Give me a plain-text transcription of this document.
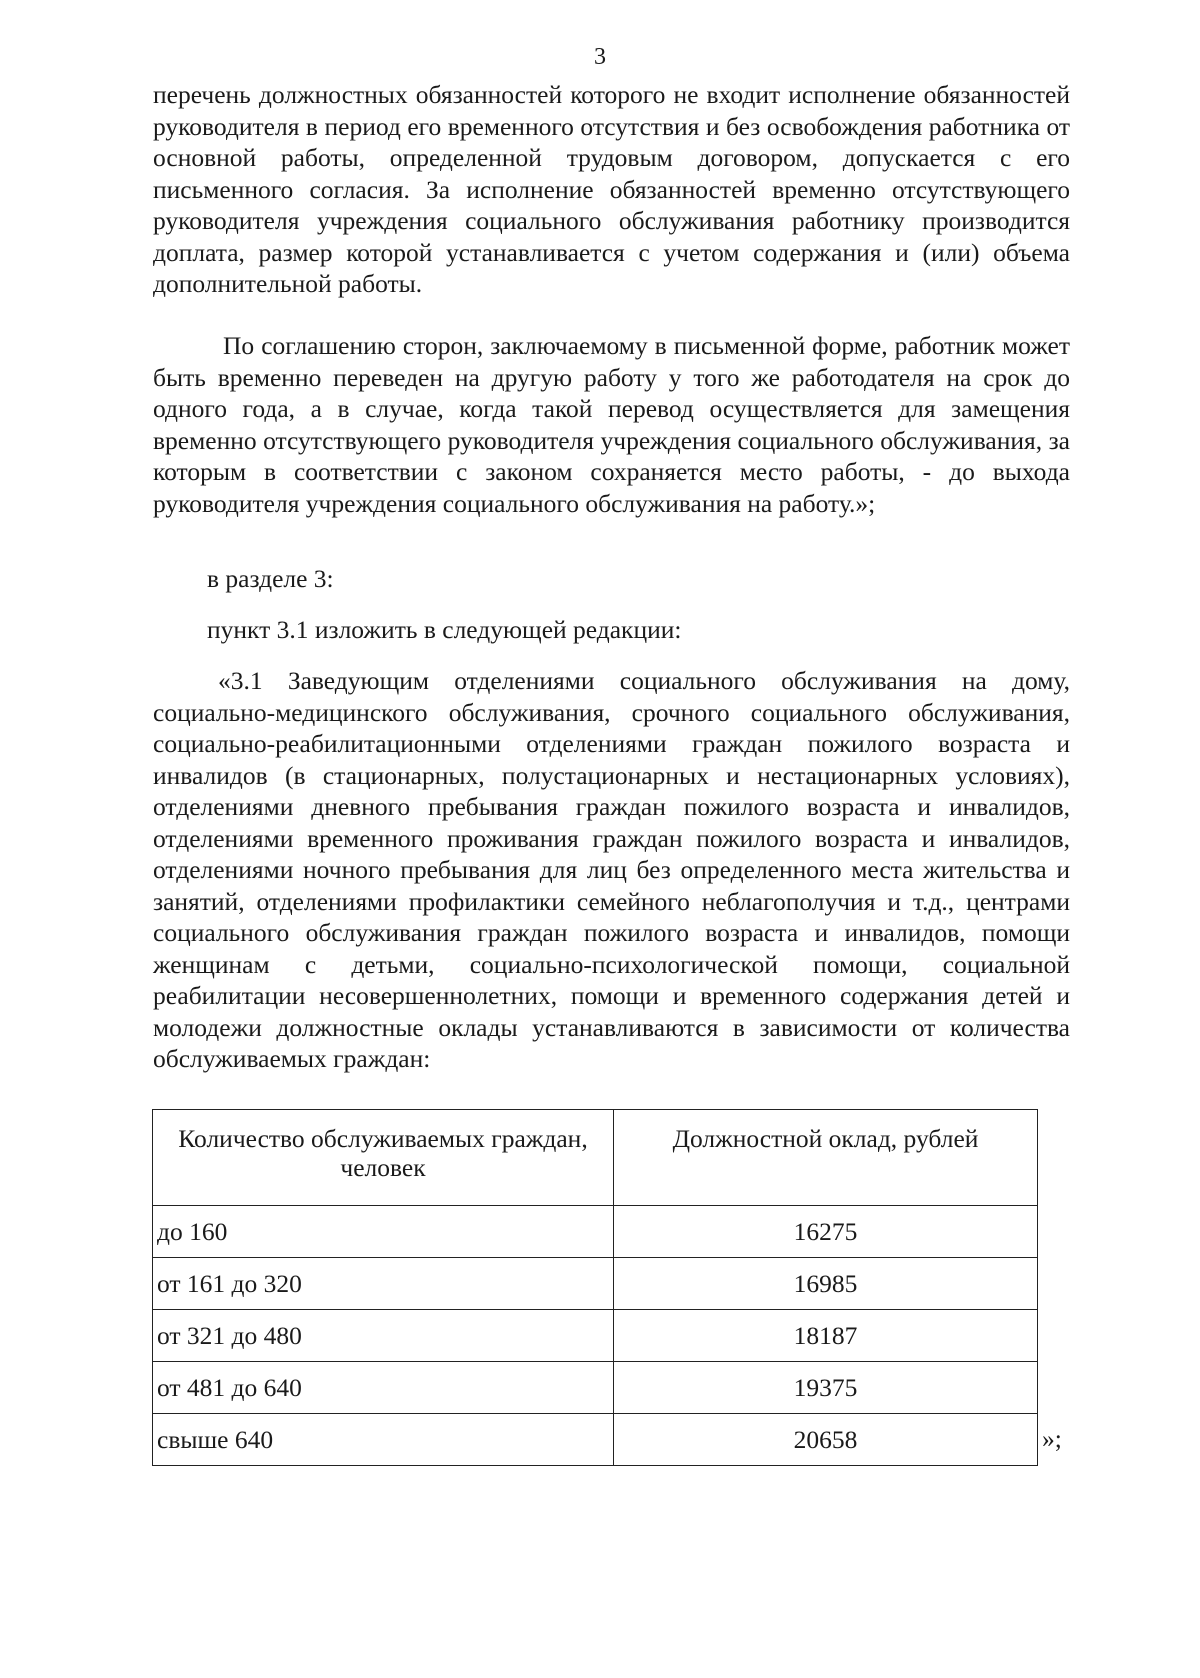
3
перечень должностных обязанностей которого не входит исполнение обязанностей руководителя в период его временного отсутствия и без освобождения работника от основной работы, определенной трудовым договором, допускается с его письменного согласия. За исполнение обязанностей временно отсутствующего руководителя учреждения социального обслуживания работнику производится доплата, размер которой устанавливается с учетом содержания и (или) объема дополнительной работы.
По соглашению сторон, заключаемому в письменной форме, работник может быть временно переведен на другую работу у того же работодателя на срок до одного года, а в случае, когда такой перевод осуществляется для замещения временно отсутствующего руководителя учреждения социального обслуживания, за которым в соответствии с законом сохраняется место работы, - до выхода руководителя учреждения социального обслуживания на работу.»;
в разделе 3:
пункт 3.1 изложить в следующей редакции:
«3.1 Заведующим отделениями социального обслуживания на дому, социально-медицинского обслуживания, срочного социального обслуживания, социально-реабилитационными отделениями граждан пожилого возраста и инвалидов (в стационарных, полустационарных и нестационарных условиях), отделениями дневного пребывания граждан пожилого возраста и инвалидов, отделениями временного проживания граждан пожилого возраста и инвалидов, отделениями ночного пребывания для лиц без определенного места жительства и занятий, отделениями профилактики семейного неблагополучия и т.д., центрами социального обслуживания граждан пожилого возраста и инвалидов, помощи женщинам с детьми, социально-психологической помощи, социальной реабилитации несовершеннолетних, помощи и временного содержания детей и молодежи должностные оклады устанавливаются в зависимости от количества обслуживаемых граждан:
Количество обслуживаемых граждан, человек	Должностной оклад, рублей
до 160	16275
от 161 до 320	16985
от 321 до 480	18187
от 481 до 640	19375
свыше 640	20658	»;
